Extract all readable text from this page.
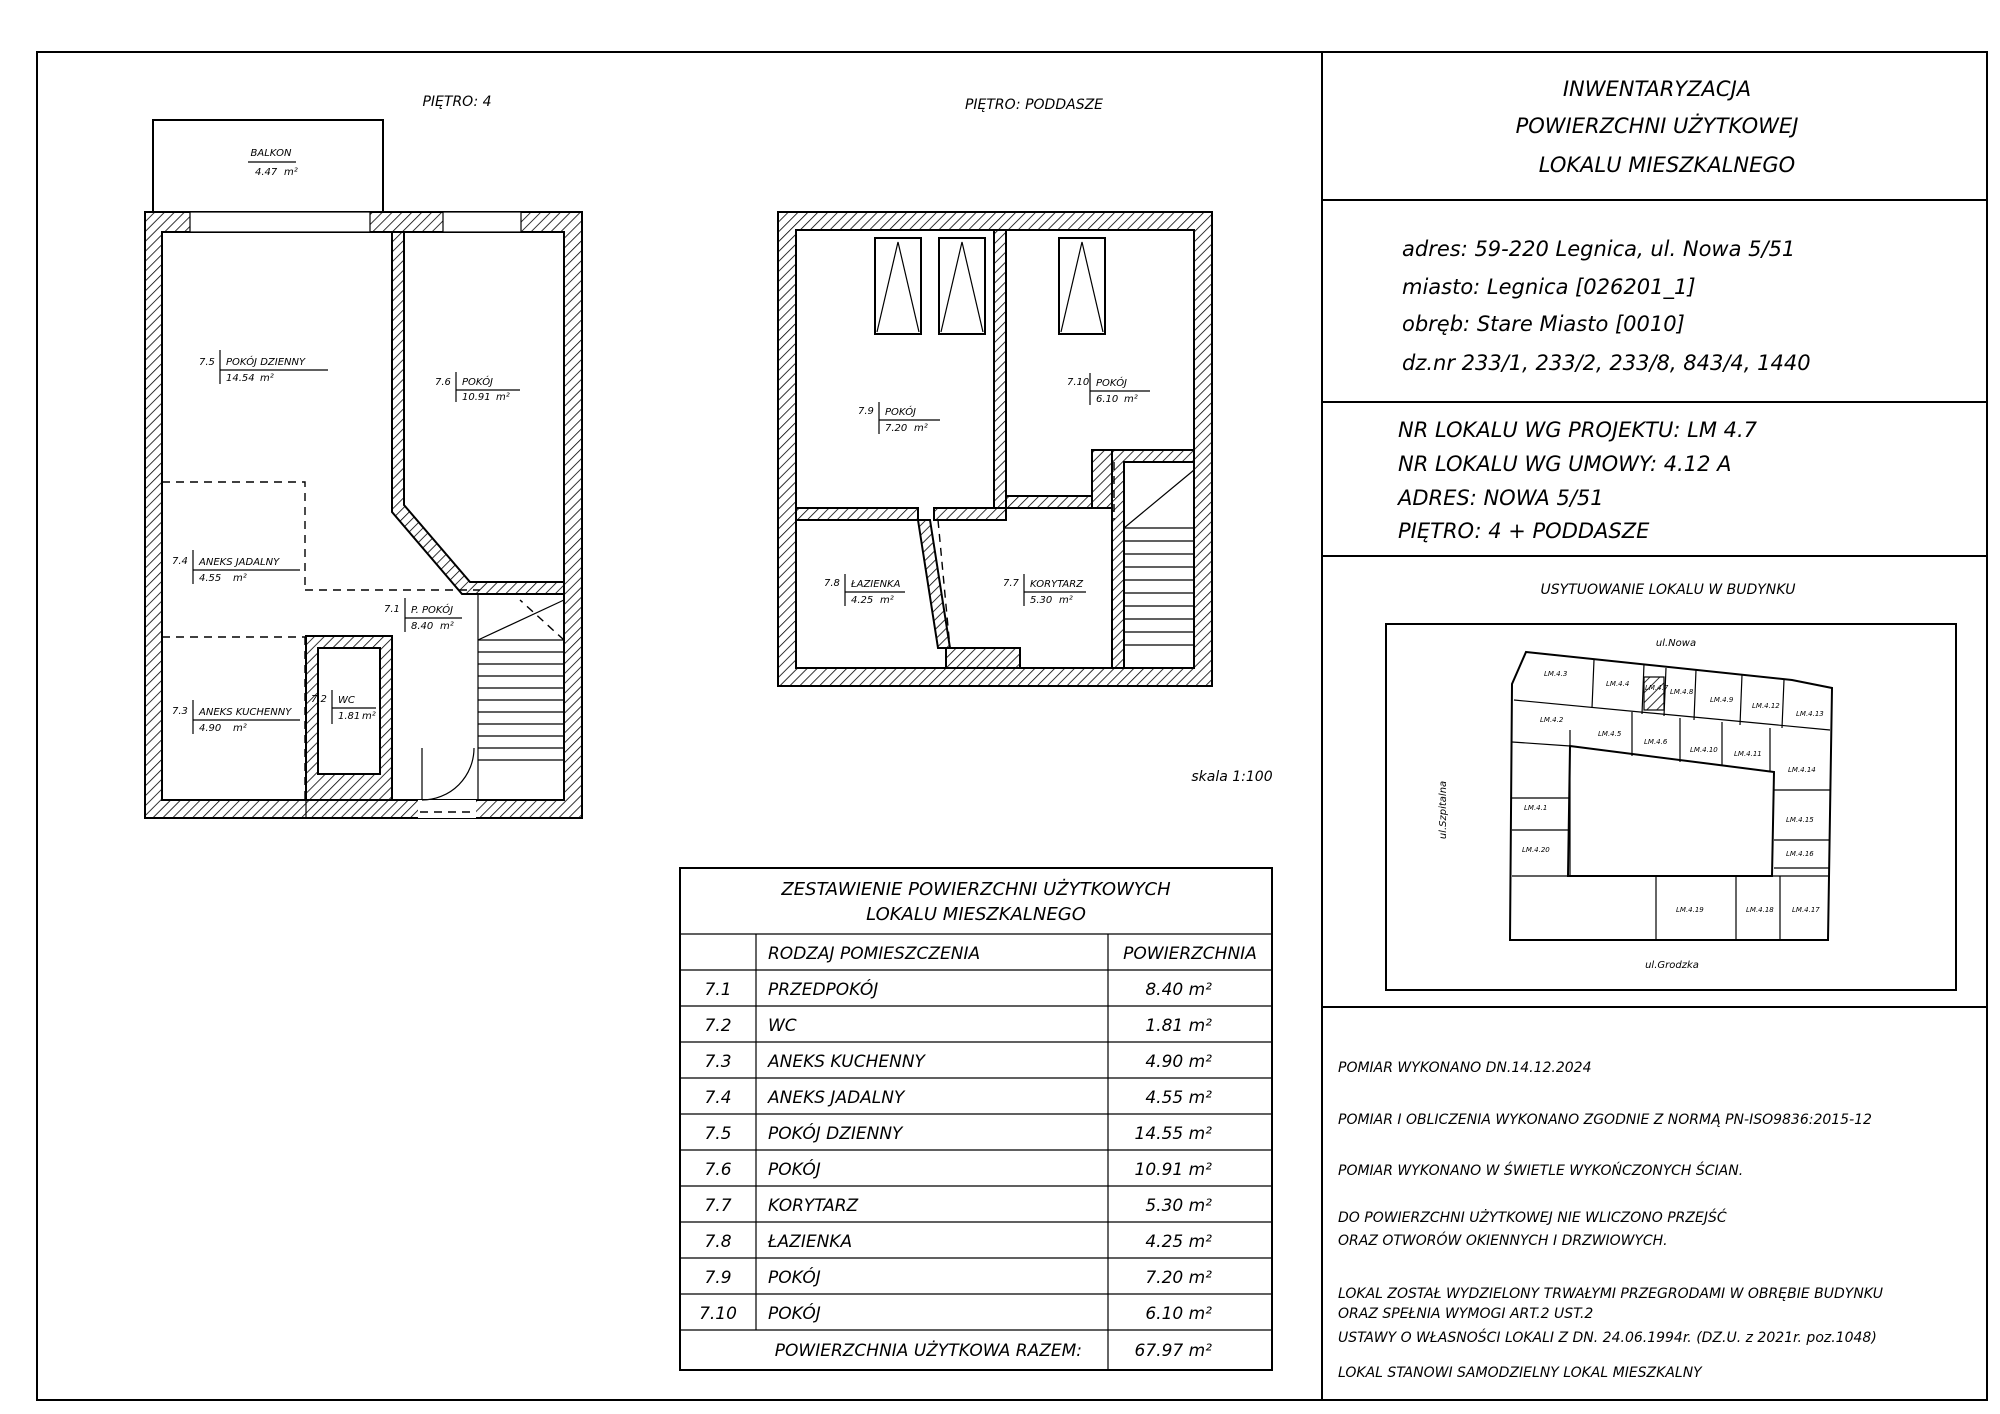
PIĘTRO: 4	PIĘTRO: PODDASZE
skala 1:100
BALKON
4.47 m²
7.5 POKÓJ DZIENNY
14.54 m²	7.6 POKÓJ
10.91 m²
7.4 ANEKS JADALNY
4.55 m²
7.1 P. POKÓJ
8.40 m²
7.3 ANEKS KUCHENNY
4.90 m²
7.2 WC
1.81 m²
7.9 POKÓJ
7.20 m²
7.10 POKÓJ
6.10 m²
7.8 ŁAZIENKA
4.25 m²
7.7 KORYTARZ
5.30 m²
ZESTAWIENIE POWIERZCHNI UŻYTKOWYCH
LOKALU MIESZKALNEGO
RODZAJ POMIESZCZENIA	POWIERZCHNIA
7.1 PRZEDPOKÓJ	8.40 m²
7.2 WC	1.81 m²
7.3 ANEKS KUCHENNY	4.90 m²
7.4 ANEKS JADALNY	4.55 m²
7.5 POKÓJ DZIENNY	14.55 m²
7.6 POKÓJ	10.91 m²
7.7 KORYTARZ	5.30 m²
7.8 ŁAZIENKA	4.25 m²
7.9 POKÓJ	7.20 m²
7.10 POKÓJ	6.10 m²
POWIERZCHNIA UŻYTKOWA RAZEM:	67.97 m²
INWENTARYZACJA
POWIERZCHNI UŻYTKOWEJ
LOKALU MIESZKALNEGO
adres: 59-220 Legnica, ul. Nowa 5/51
miasto: Legnica [026201_1]
obręb: Stare Miasto [0010]
dz.nr 233/1, 233/2, 233/8, 843/4, 1440
NR LOKALU WG PROJEKTU: LM 4.7
NR LOKALU WG UMOWY: 4.12 A
ADRES: NOWA 5/51
PIĘTRO: 4 + PODDASZE
USYTUOWANIE LOKALU W BUDYNKU
POMIAR WYKONANO DN.14.12.2024
POMIAR I OBLICZENIA WYKONANO ZGODNIE Z NORMĄ PN-ISO9836:2015-12
POMIAR WYKONANO W ŚWIETLE WYKOŃCZONYCH ŚCIAN.
DO POWIERZCHNI UŻYTKOWEJ NIE WLICZONO PRZEJŚĆ
ORAZ OTWORÓW OKIENNYCH I DRZWIOWYCH.
LOKAL ZOSTAŁ WYDZIELONY TRWAŁYMI PRZEGRODAMI W OBRĘBIE BUDYNKU
ORAZ SPEŁNIA WYMOGI ART.2 UST.2
USTAWY O WŁASNOŚCI LOKALI Z DN. 24.06.1994r. (DZ.U. z 2021r. poz.1048)
LOKAL STANOWI SAMODZIELNY LOKAL MIESZKALNY
ul.Nowa
ul.Szpitalna
ul.Grodzka
LM.4.3
LM.4.4 LM.4.7 LM.4.8
LM.4.9
LM.4.12
LM.4.13
LM.4.2
LM.4.5
LM.4.6
LM.4.10 LM.4.11
LM.4.14
LM.4.1
LM.4.15
LM.4.20	LM.4.16
LM.4.19	LM.4.18	LM.4.17
